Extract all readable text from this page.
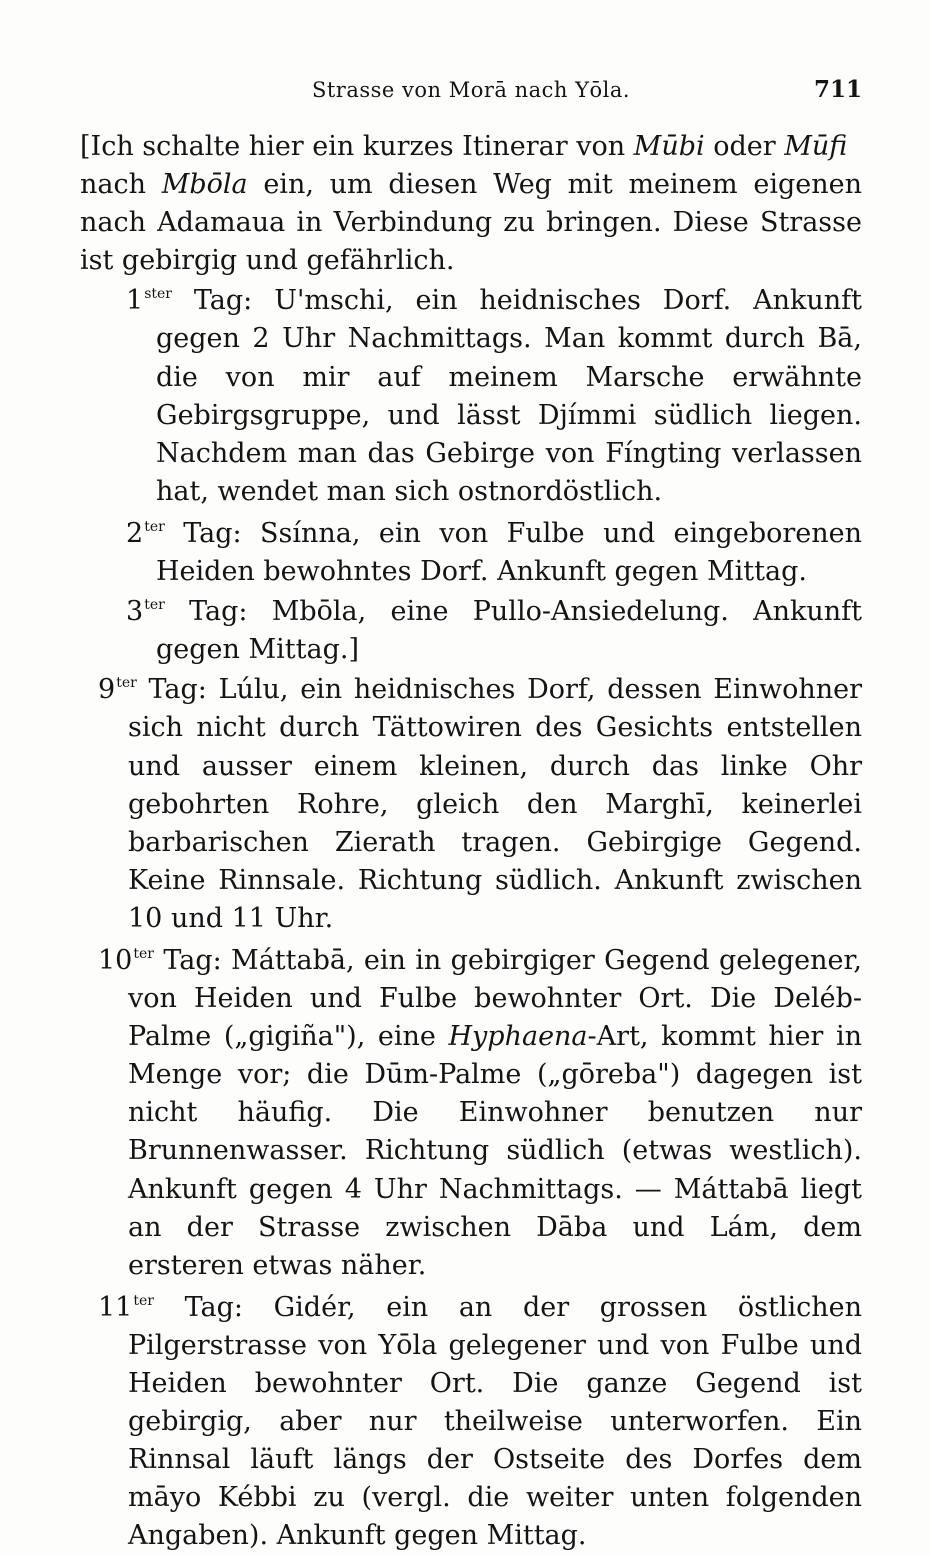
Strasse von Morā nach Yōla.	711

[Ich schalte hier ein kurzes Itinerar von Mūbi oder Mūfi
nach Mbōla ein, um diesen Weg mit meinem eigenen nach Adamaua in Verbindung zu bringen. Diese Strasse ist gebirgig und gefährlich.

$1^{ster}$ Tag: U'mschi, ein heidnisches Dorf. Ankunft gegen 2 Uhr Nachmittags. Man kommt durch Bā, die von mir auf meinem Marsche erwähnte Gebirgsgruppe, und lässt Djímmi südlich liegen. Nachdem man das Gebirge von Fíngting verlassen hat, wendet man sich ostnordöstlich.

$2^{ter}$ Tag: Ssínna, ein von Fulbe und eingeborenen Heiden bewohntes Dorf. Ankunft gegen Mittag.

$3^{ter}$ Tag: Mbōla, eine Pullo-Ansiedelung. Ankunft gegen Mittag.]

$9^{ter}$ Tag: Lúlu, ein heidnisches Dorf, dessen Einwohner sich nicht durch Tättowiren des Gesichts entstellen und ausser einem kleinen, durch das linke Ohr gebohrten Rohre, gleich den Marghī, keinerlei barbarischen Zierath tragen. Gebirgige Gegend. Keine Rinnsale. Richtung südlich. Ankunft zwischen 10 und 11 Uhr.

$10^{ter}$ Tag: Máttabā, ein in gebirgiger Gegend gelegener, von Heiden und Fulbe bewohnter Ort. Die Deléb-Palme („gigiña"), eine Hyphaena-Art, kommt hier in Menge vor; die Dūm-Palme („gōreba") dagegen ist nicht häufig. Die Einwohner benutzen nur Brunnenwasser. Richtung südlich (etwas westlich). Ankunft gegen 4 Uhr Nachmittags. — Máttabā liegt an der Strasse zwischen Dāba und Lám, dem ersteren etwas näher.

$11^{ter}$ Tag: Gidér, ein an der grossen östlichen Pilgerstrasse von Yōla gelegener und von Fulbe und Heiden bewohnter Ort. Die ganze Gegend ist gebirgig, aber nur theilweise unterworfen. Ein Rinnsal läuft längs der Ostseite des Dorfes dem māyo Kébbi zu (vergl. die weiter unten folgenden Angaben). Ankunft gegen Mittag.
